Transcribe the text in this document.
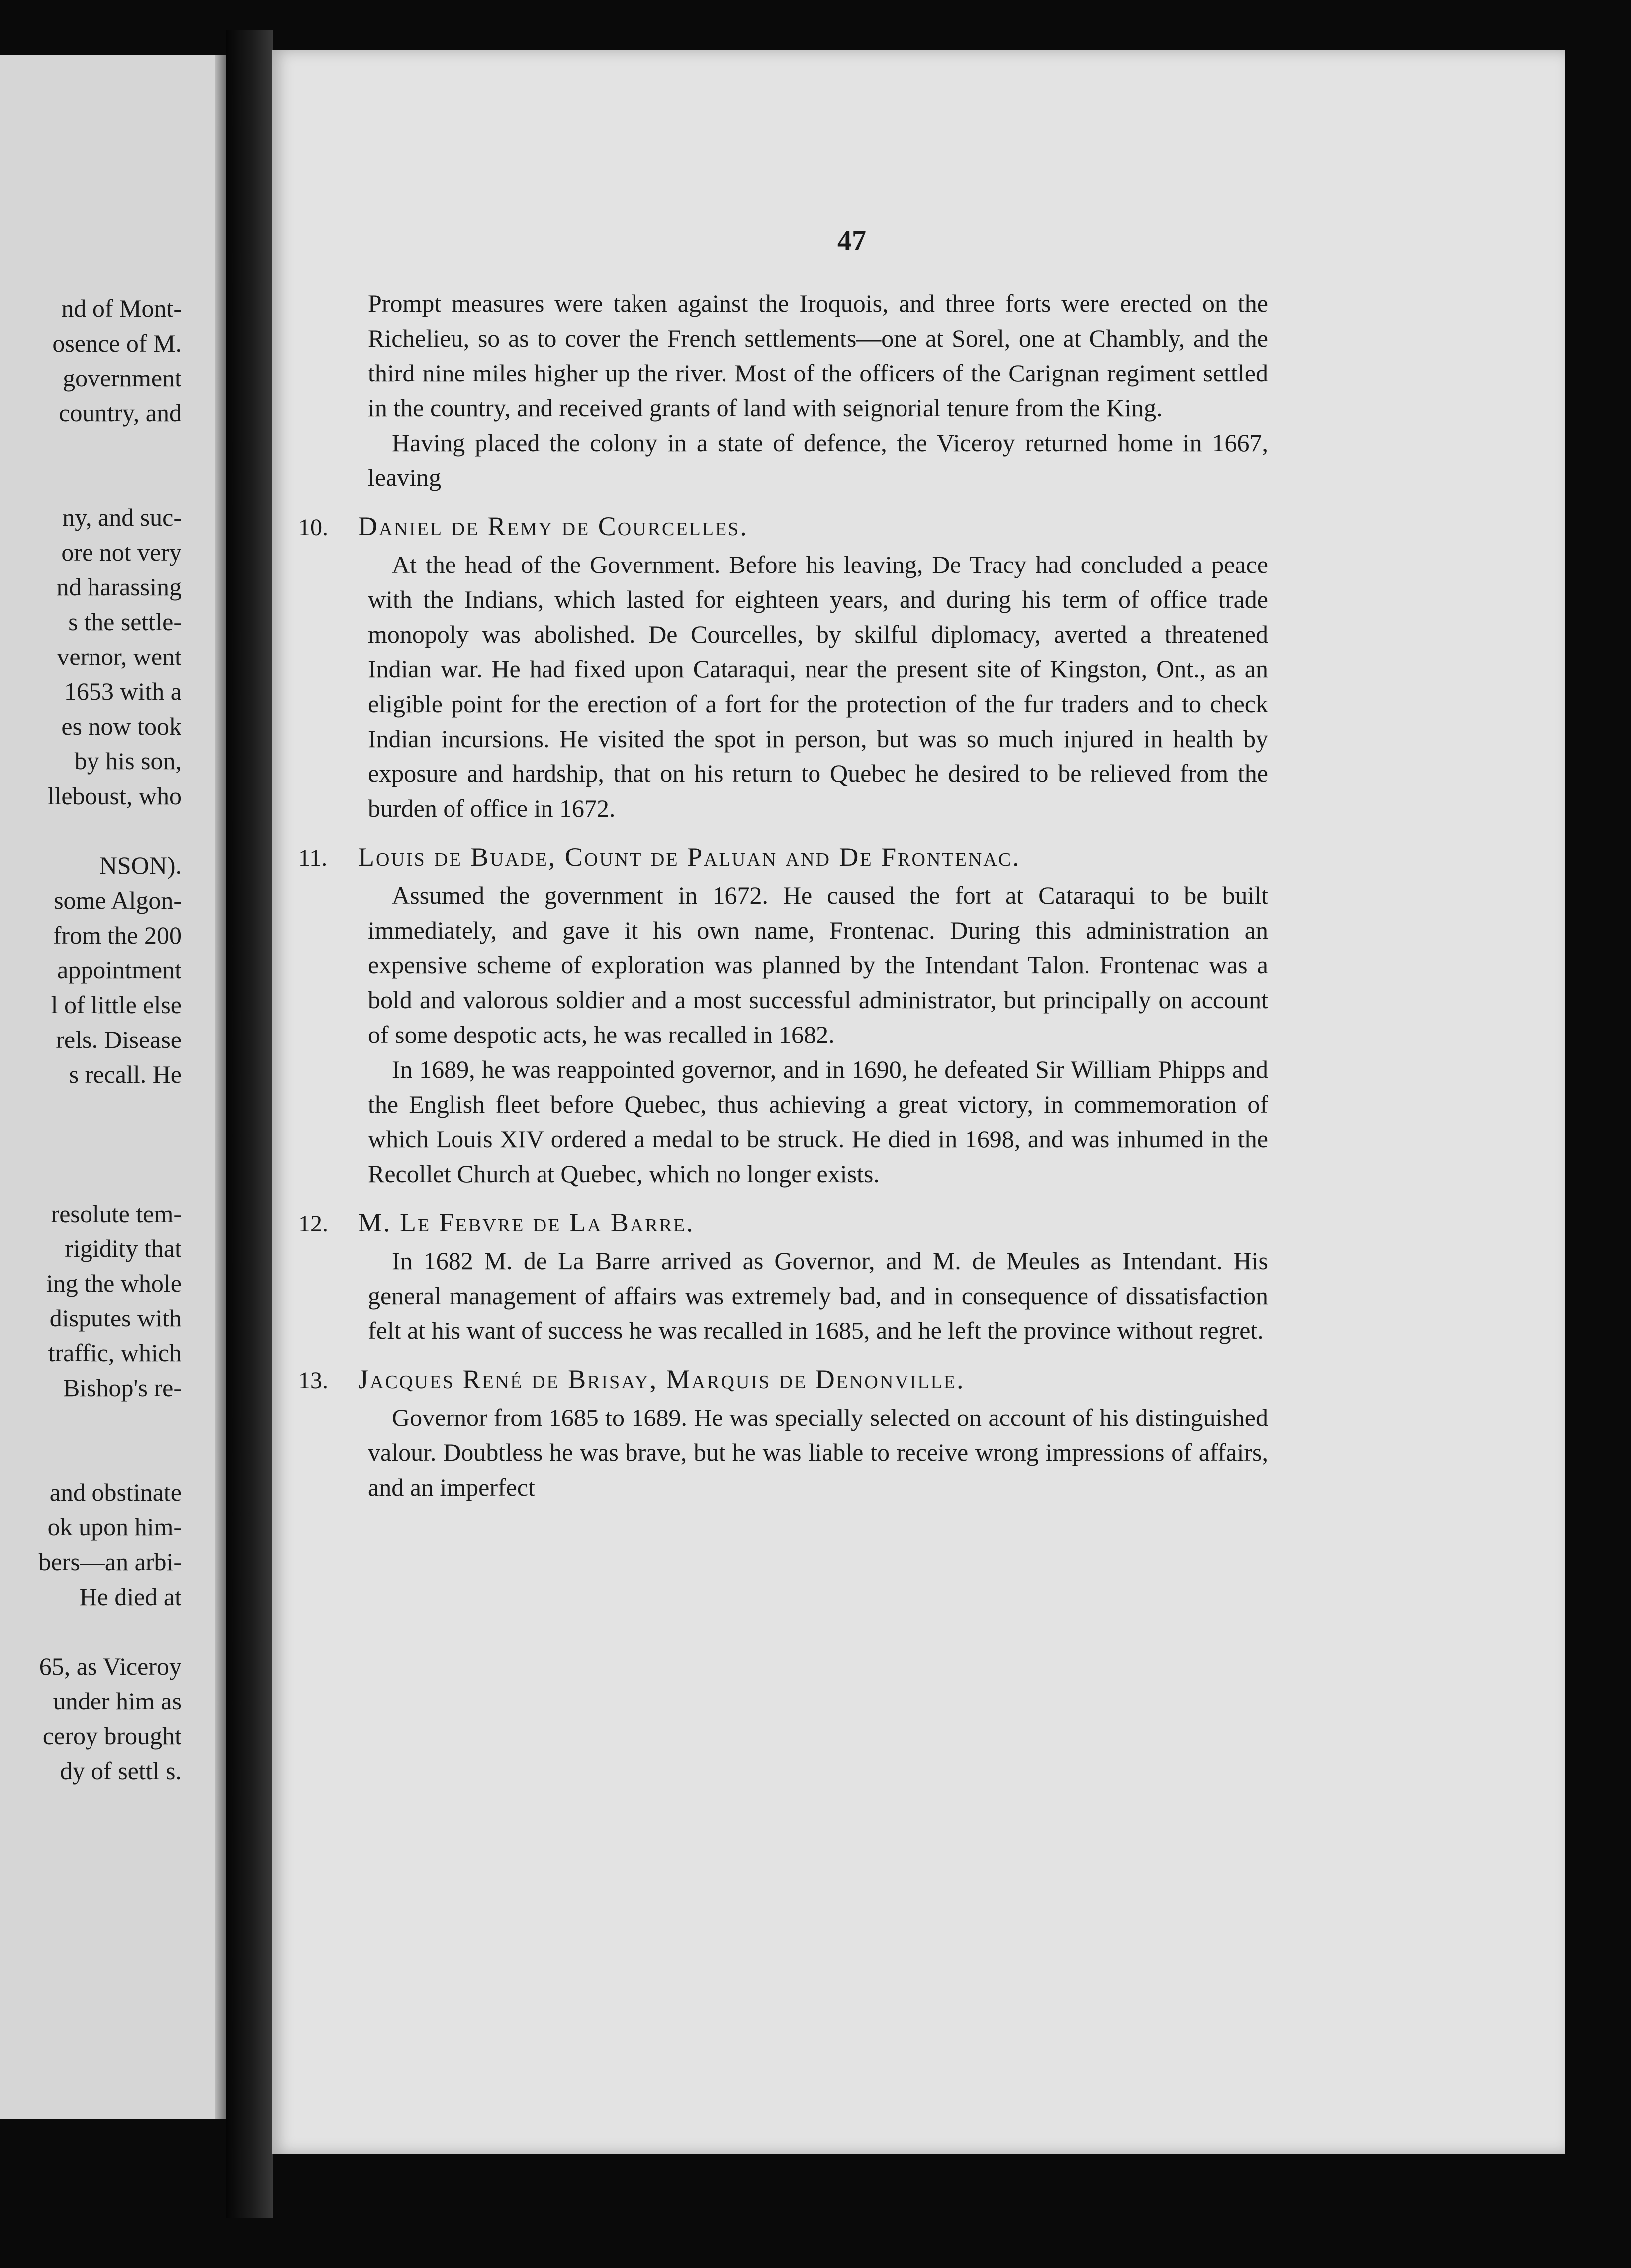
nd of Mont-
osence of M.
government
country, and
ny, and suc-
ore not very
nd harassing
s the settle-
vernor, went
1653 with a
es now took
by his son,
lleboust, who
NSON).
some Algon-
from the 200
appointment
l of little else
rels. Disease
s recall. He
resolute tem-
rigidity that
ing the whole
disputes with
traffic, which
Bishop's re-
and obstinate
ok upon him-
bers—an arbi-
He died at
65, as Viceroy
under him as
ceroy brought
dy of settl s.
47

Prompt measures were taken against the Iroquois, and three forts were erected on the Richelieu, so as to cover the French settlements—one at Sorel, one at Chambly, and the third nine miles higher up the river. Most of the officers of the Carignan regiment settled in the country, and received grants of land with seignorial tenure from the King.

Having placed the colony in a state of defence, the Viceroy returned home in 1667, leaving

10. Daniel de Remy de Courcelles.

At the head of the Government. Before his leaving, De Tracy had concluded a peace with the Indians, which lasted for eighteen years, and during his term of office trade monopoly was abolished. De Courcelles, by skilful diplomacy, averted a threatened Indian war. He had fixed upon Cataraqui, near the present site of Kingston, Ont., as an eligible point for the erection of a fort for the protection of the fur traders and to check Indian incursions. He visited the spot in person, but was so much injured in health by exposure and hardship, that on his return to Quebec he desired to be relieved from the burden of office in 1672.

11. Louis de Buade, Count de Paluan and De Frontenac.

Assumed the government in 1672. He caused the fort at Cataraqui to be built immediately, and gave it his own name, Frontenac. During this administration an expensive scheme of exploration was planned by the Intendant Talon. Frontenac was a bold and valorous soldier and a most successful administrator, but principally on account of some despotic acts, he was recalled in 1682.

In 1689, he was reappointed governor, and in 1690, he defeated Sir William Phipps and the English fleet before Quebec, thus achieving a great victory, in commemoration of which Louis XIV ordered a medal to be struck. He died in 1698, and was inhumed in the Recollet Church at Quebec, which no longer exists.

12. M. Le Febvre de La Barre.

In 1682 M. de La Barre arrived as Governor, and M. de Meules as Intendant. His general management of affairs was extremely bad, and in consequence of dissatisfaction felt at his want of success he was recalled in 1685, and he left the province without regret.

13. Jacques René de Brisay, Marquis de Denonville.

Governor from 1685 to 1689. He was specially selected on account of his distinguished valour. Doubtless he was brave, but he was liable to receive wrong impressions of affairs, and an imperfect
